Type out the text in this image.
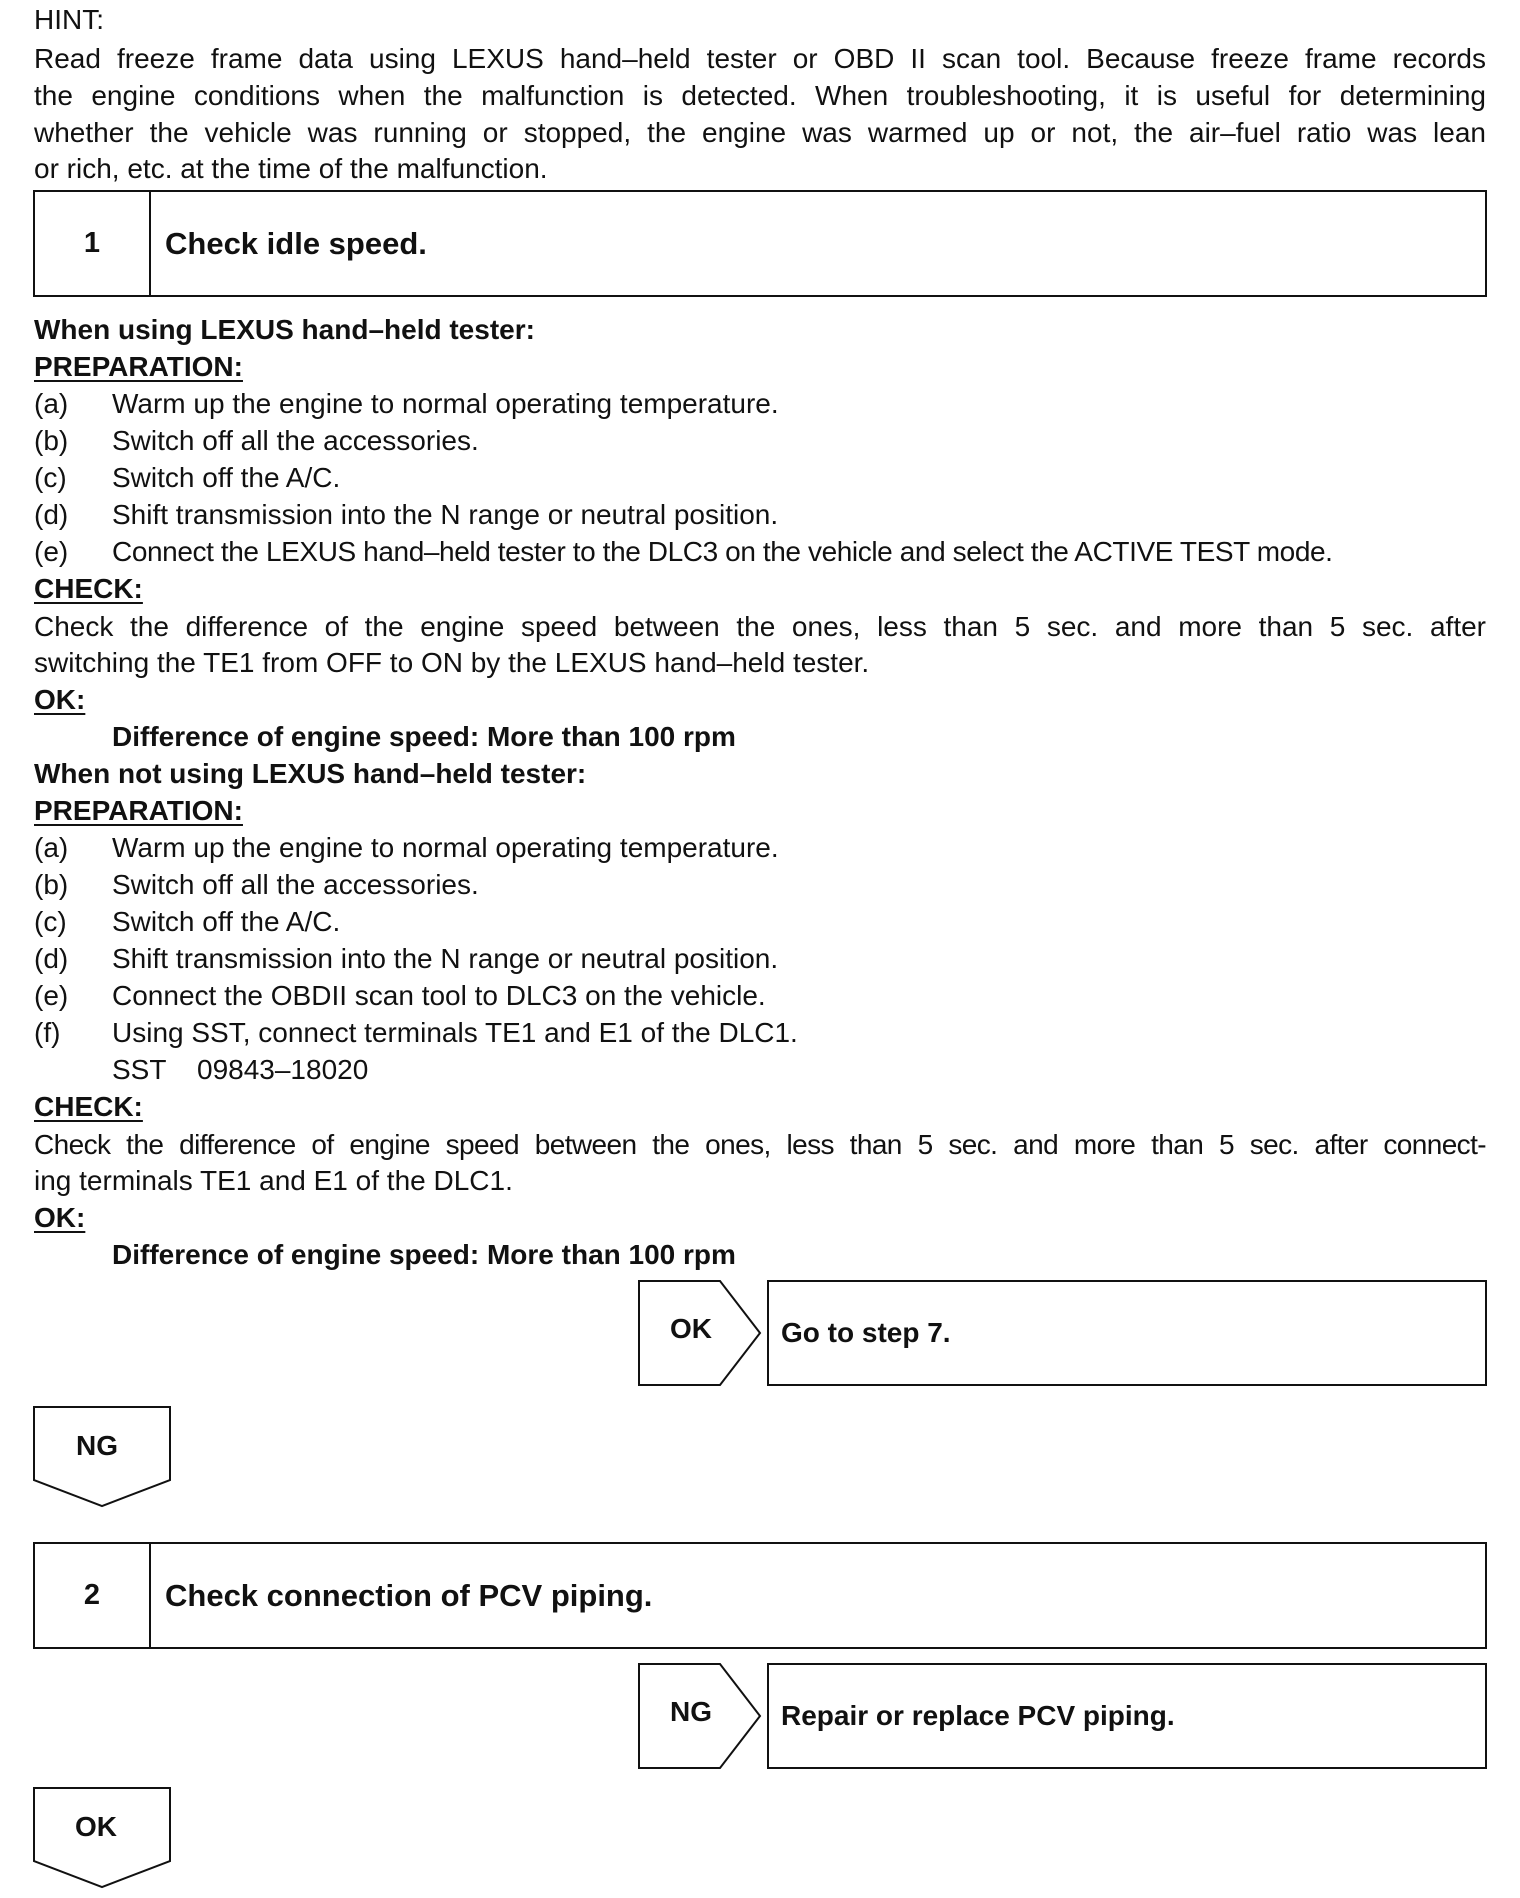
HINT:

Read freeze frame data using LEXUS hand–held tester or OBD II scan tool. Because freeze frame records

the engine conditions when the malfunction is detected. When troubleshooting, it is useful for determining

whether the vehicle was running or stopped, the engine was warmed up or not, the air–fuel ratio was lean

or rich, etc. at the time of the malfunction.

1	Check idle speed.

When using LEXUS hand–held tester:

PREPARATION:

(a)	Warm up the engine to normal operating temperature.
(b)	Switch off all the accessories.
(c)	Switch off the A/C.
(d)	Shift transmission into the N range or neutral position.
(e)	Connect the LEXUS hand–held tester to the DLC3 on the vehicle and select the ACTIVE TEST mode.

CHECK:

Check the difference of the engine speed between the ones, less than 5 sec. and more than 5 sec. after

switching the TE1 from OFF to ON by the LEXUS hand–held tester.

OK:

Difference of engine speed: More than 100 rpm

When not using LEXUS hand–held tester:

PREPARATION:

(a)	Warm up the engine to normal operating temperature.
(b)	Switch off all the accessories.
(c)	Switch off the A/C.
(d)	Shift transmission into the N range or neutral position.
(e)	Connect the OBDII scan tool to DLC3 on the vehicle.
(f)	Using SST, connect terminals TE1 and E1 of the DLC1.
SST 09843–18020

CHECK:

Check the difference of engine speed between the ones, less than 5 sec. and more than 5 sec. after connect-

ing terminals TE1 and E1 of the DLC1.

OK:

Difference of engine speed: More than 100 rpm

OK	Go to step 7.
NG
2	Check connection of PCV piping.
NG	Repair or replace PCV piping.
OK
